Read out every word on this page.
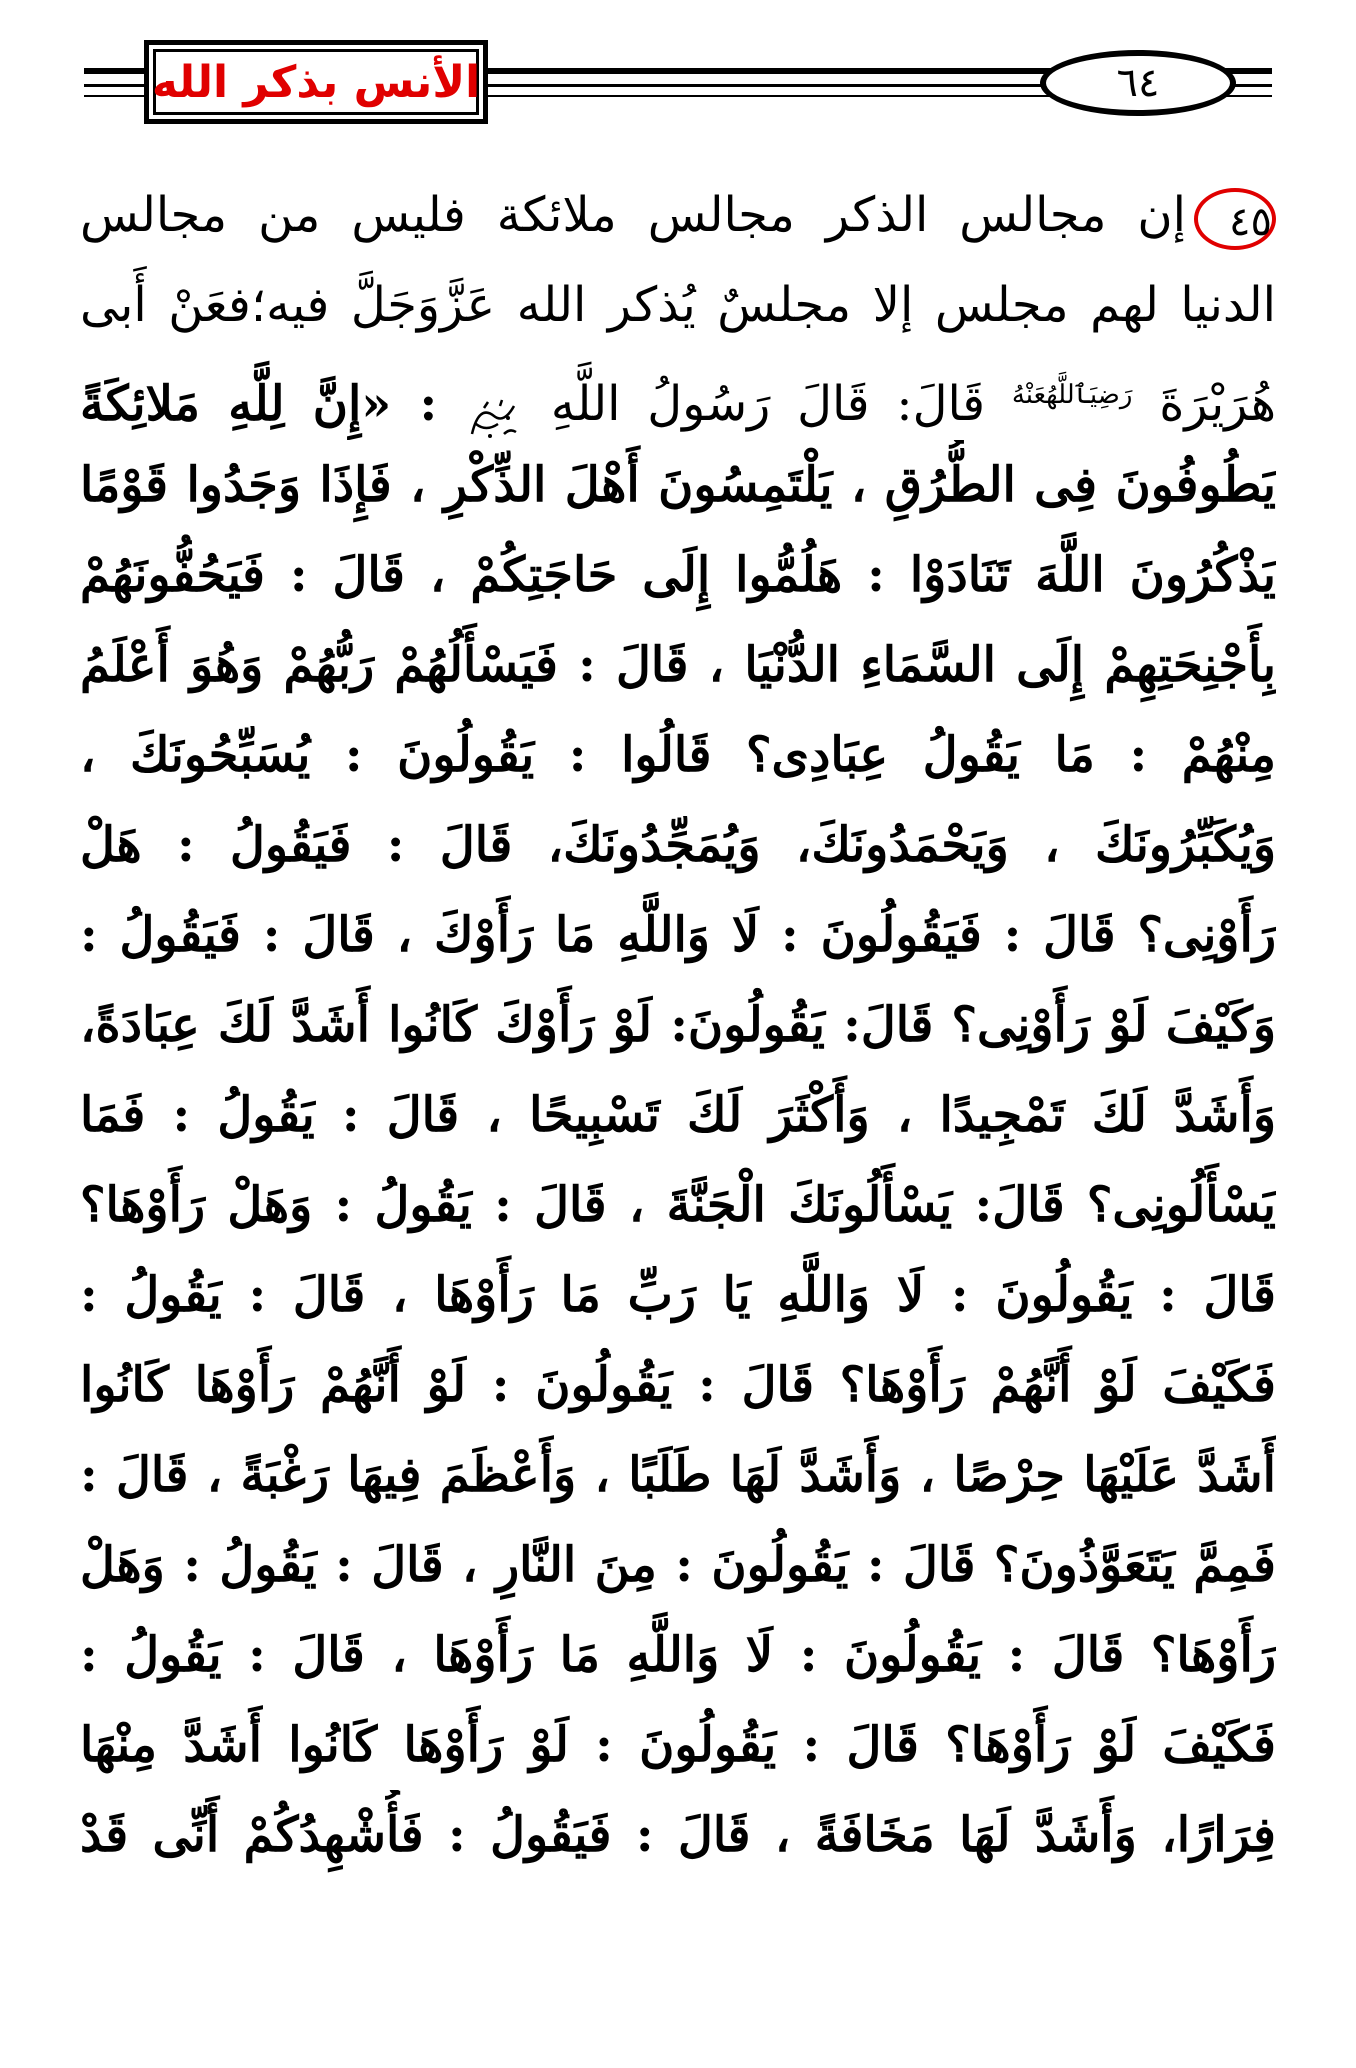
الأنس بذكر الله	٦٤
٤٥إن مجالس الذكر مجالس ملائكة فليس من مجالس
الدنيا لهم مجلس إلا مجلسٌ يُذكر الله عَزَّوَجَلَّ فيه؛فعَنْ أَبى
هُرَيْرَةَ $^{رَضِيَٱللَّهُعَنْهُ}$ قَالَ: قَالَ رَسُولُ اللَّهِ  : «إِنَّ لِلَّهِ مَلائِكَةً
يَطُوفُونَ فِى الطُّرُقِ ، يَلْتَمِسُونَ أَهْلَ الذِّكْرِ ، فَإِذَا وَجَدُوا قَوْمًا
يَذْكُرُونَ اللَّهَ تَنَادَوْا : هَلُمُّوا إِلَى حَاجَتِكُمْ ، قَالَ : فَيَحُفُّونَهُمْ
بِأَجْنِحَتِهِمْ إِلَى السَّمَاءِ الدُّنْيَا ، قَالَ : فَيَسْأَلُهُمْ رَبُّهُمْ وَهُوَ أَعْلَمُ
مِنْهُمْ : مَا يَقُولُ عِبَادِى؟ قَالُوا : يَقُولُونَ : يُسَبِّحُونَكَ ،
وَيُكَبِّرُونَكَ ، وَيَحْمَدُونَكَ، وَيُمَجِّدُونَكَ، قَالَ : فَيَقُولُ : هَلْ
رَأَوْنِى؟ قَالَ : فَيَقُولُونَ : لَا وَاللَّهِ مَا رَأَوْكَ ، قَالَ : فَيَقُولُ :
وَكَيْفَ لَوْ رَأَوْنِى؟ قَالَ: يَقُولُونَ: لَوْ رَأَوْكَ كَانُوا أَشَدَّ لَكَ عِبَادَةً،
وَأَشَدَّ لَكَ تَمْجِيدًا ، وَأَكْثَرَ لَكَ تَسْبِيحًا ، قَالَ : يَقُولُ : فَمَا
يَسْأَلُونِى؟ قَالَ: يَسْأَلُونَكَ الْجَنَّةَ ، قَالَ : يَقُولُ : وَهَلْ رَأَوْهَا؟
قَالَ : يَقُولُونَ : لَا وَاللَّهِ يَا رَبِّ مَا رَأَوْهَا ، قَالَ : يَقُولُ :
فَكَيْفَ لَوْ أَنَّهُمْ رَأَوْهَا؟ قَالَ : يَقُولُونَ : لَوْ أَنَّهُمْ رَأَوْهَا كَانُوا
أَشَدَّ عَلَيْهَا حِرْصًا ، وَأَشَدَّ لَهَا طَلَبًا ، وَأَعْظَمَ فِيهَا رَغْبَةً ، قَالَ :
فَمِمَّ يَتَعَوَّذُونَ؟ قَالَ : يَقُولُونَ : مِنَ النَّارِ ، قَالَ : يَقُولُ : وَهَلْ
رَأَوْهَا؟ قَالَ : يَقُولُونَ : لَا وَاللَّهِ مَا رَأَوْهَا ، قَالَ : يَقُولُ :
فَكَيْفَ لَوْ رَأَوْهَا؟ قَالَ : يَقُولُونَ : لَوْ رَأَوْهَا كَانُوا أَشَدَّ مِنْهَا
فِرَارًا، وَأَشَدَّ لَهَا مَخَافَةً ، قَالَ : فَيَقُولُ : فَأُشْهِدُكُمْ أَنِّى قَدْ
